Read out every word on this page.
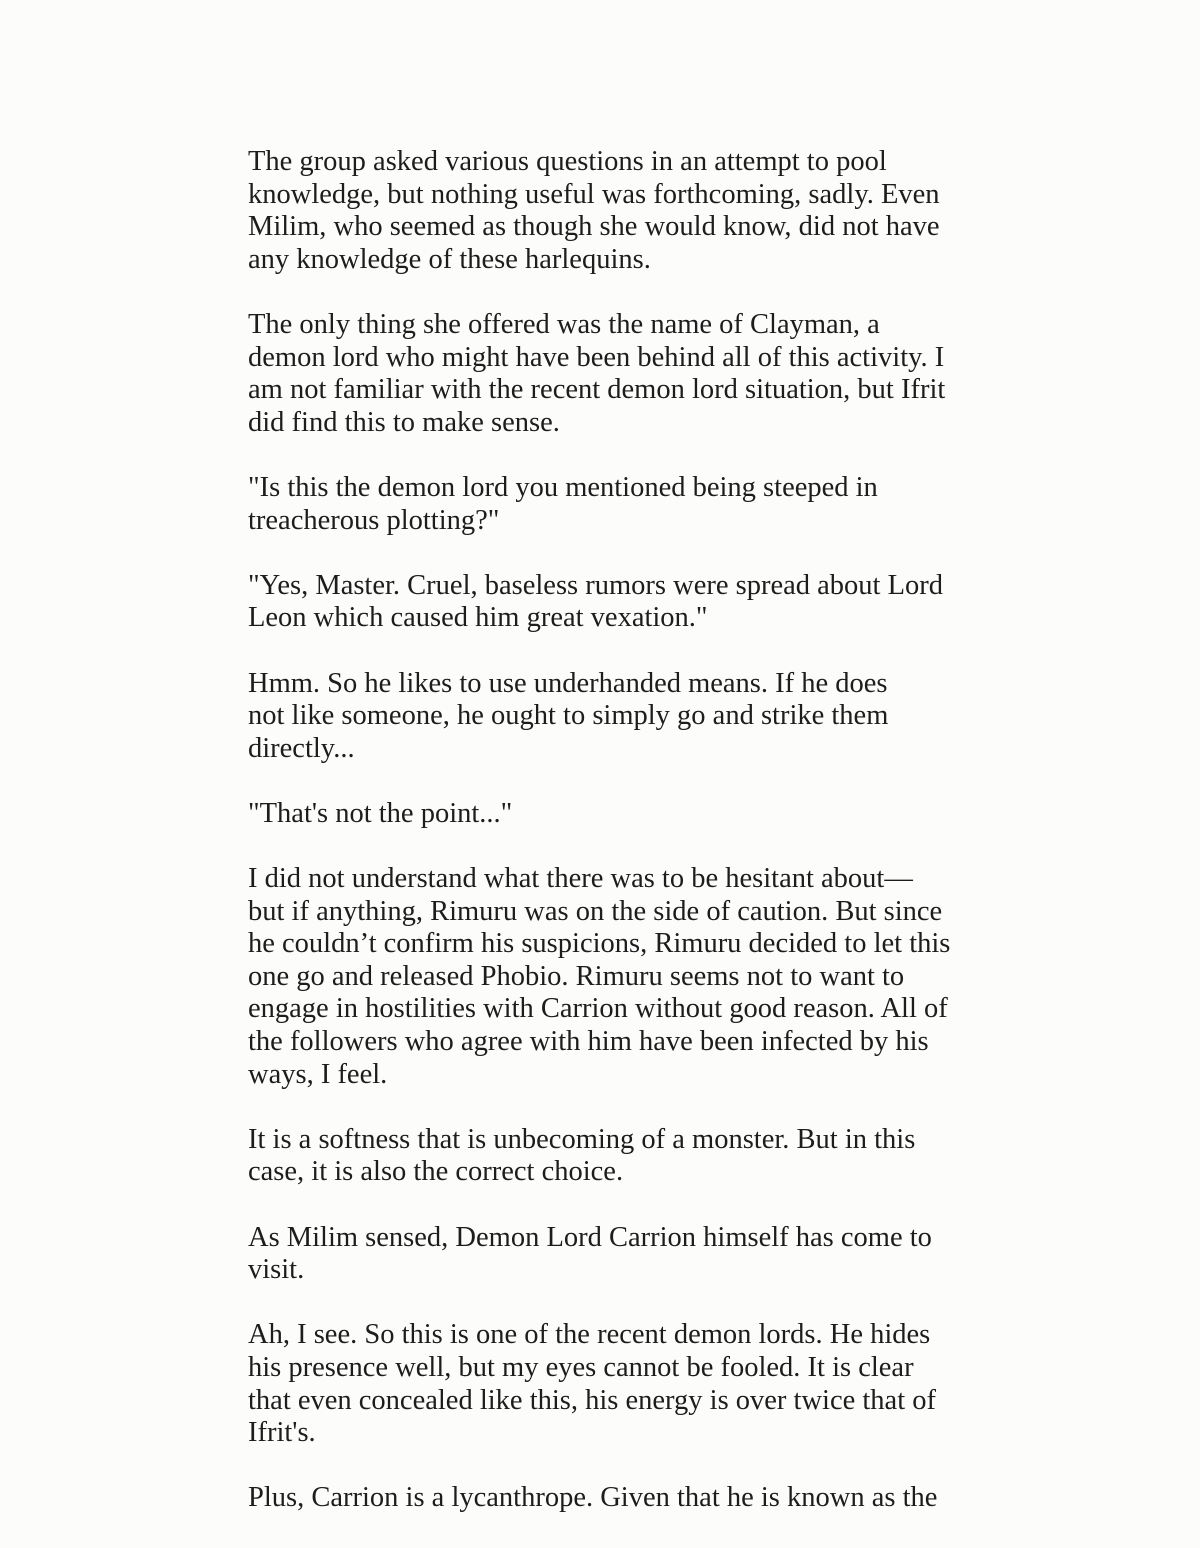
The group asked various questions in an attempt to pool
knowledge, but nothing useful was forthcoming, sadly. Even
Milim, who seemed as though she would know, did not have
any knowledge of these harlequins.

The only thing she offered was the name of Clayman, a
demon lord who might have been behind all of this activity. I
am not familiar with the recent demon lord situation, but Ifrit
did find this to make sense.

"Is this the demon lord you mentioned being steeped in
treacherous plotting?"

"Yes, Master. Cruel, baseless rumors were spread about Lord
Leon which caused him great vexation."

Hmm. So he likes to use underhanded means. If he does
not like someone, he ought to simply go and strike them
directly...

"That's not the point..."

I did not understand what there was to be hesitant about—
but if anything, Rimuru was on the side of caution. But since
he couldn’t confirm his suspicions, Rimuru decided to let this
one go and released Phobio. Rimuru seems not to want to
engage in hostilities with Carrion without good reason. All of
the followers who agree with him have been infected by his
ways, I feel.

It is a softness that is unbecoming of a monster. But in this
case, it is also the correct choice.

As Milim sensed, Demon Lord Carrion himself has come to
visit.

Ah, I see. So this is one of the recent demon lords. He hides
his presence well, but my eyes cannot be fooled. It is clear
that even concealed like this, his energy is over twice that of
Ifrit's.

Plus, Carrion is a lycanthrope. Given that he is known as the
